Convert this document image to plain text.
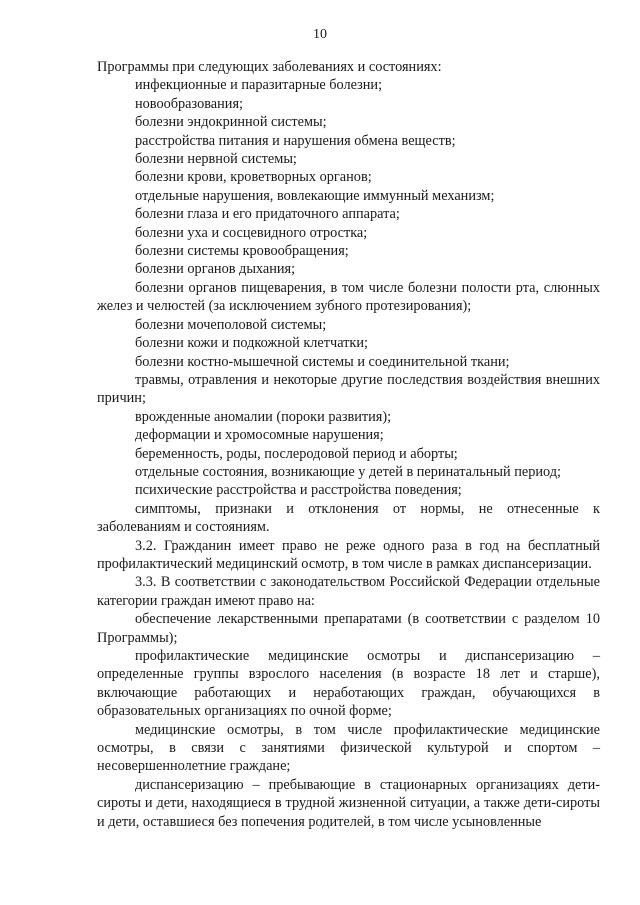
10

Программы при следующих заболеваниях и состояниях:

инфекционные и паразитарные болезни;

новообразования;

болезни эндокринной системы;

расстройства питания и нарушения обмена веществ;

болезни нервной системы;

болезни крови, кроветворных органов;

отдельные нарушения, вовлекающие иммунный механизм;

болезни глаза и его придаточного аппарата;

болезни уха и сосцевидного отростка;

болезни системы кровообращения;

болезни органов дыхания;

болезни органов пищеварения, в том числе болезни полости рта, слюнных желез и челюстей (за исключением зубного протезирования);

болезни мочеполовой системы;

болезни кожи и подкожной клетчатки;

болезни костно-мышечной системы и соединительной ткани;

травмы, отравления и некоторые другие последствия воздействия внешних причин;

врожденные аномалии (пороки развития);

деформации и хромосомные нарушения;

беременность, роды, послеродовой период и аборты;

отдельные состояния, возникающие у детей в перинатальный период;

психические расстройства и расстройства поведения;

симптомы, признаки и отклонения от нормы, не отнесенные к заболеваниям и состояниям.

3.2. Гражданин имеет право не реже одного раза в год на бесплатный профилактический медицинский осмотр, в том числе в рамках диспансеризации.

3.3. В соответствии с законодательством Российской Федерации отдельные категории граждан имеют право на:

обеспечение лекарственными препаратами (в соответствии с разделом 10 Программы);

профилактические медицинские осмотры и диспансеризацию – определенные группы взрослого населения (в возрасте 18 лет и старше), включающие работающих и неработающих граждан, обучающихся в образовательных организациях по очной форме;

медицинские осмотры, в том числе профилактические медицинские осмотры, в связи с занятиями физической культурой и спортом – несовершеннолетние граждане;

диспансеризацию – пребывающие в стационарных организациях дети-сироты и дети, находящиеся в трудной жизненной ситуации, а также дети-сироты и дети, оставшиеся без попечения родителей, в том числе усыновленные
